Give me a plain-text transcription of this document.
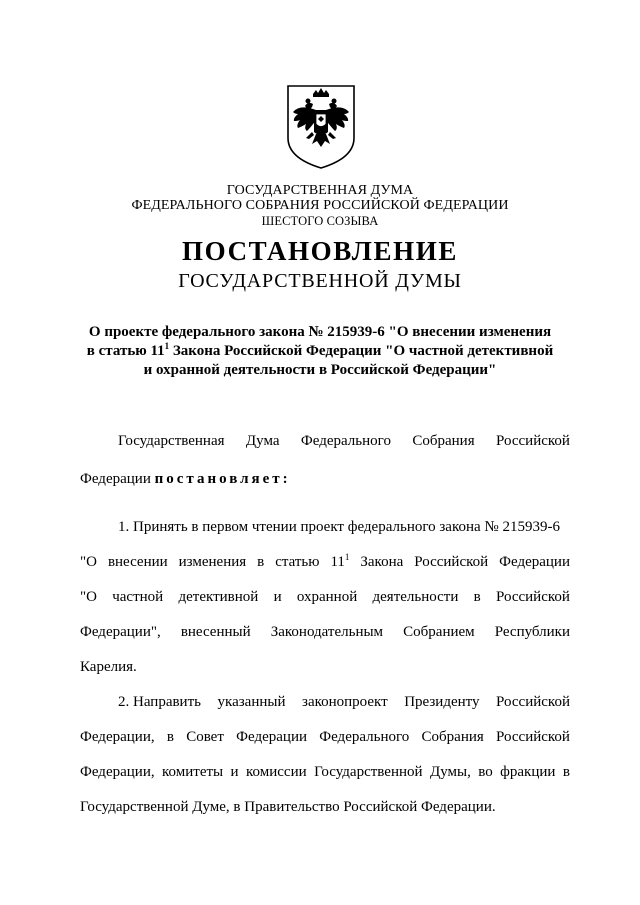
ГОСУДАРСТВЕННАЯ ДУМА
ФЕДЕРАЛЬНОГО СОБРАНИЯ РОССИЙСКОЙ ФЕДЕРАЦИИ
ШЕСТОГО СОЗЫВА
ПОСТАНОВЛЕНИЕ
ГОСУДАРСТВЕННОЙ ДУМЫ
О проекте федерального закона № 215939-6 "О внесении изменения
в статью $11^1$ Закона Российской Федерации "О частной детективной
и охранной деятельности в Российской Федерации"
Государственная Дума Федерального Собрания Российской
Федерации постановляет:
1. Принять в первом чтении проект федерального закона № 215939-6
"О внесении изменения в статью $11^1$ Закона Российской Федерации
"О частной детективной и охранной деятельности в Российской
Федерации", внесенный Законодательным Собранием Республики
Карелия.
2. Направить указанный законопроект Президенту Российской
Федерации, в Совет Федерации Федерального Собрания Российской
Федерации, комитеты и комиссии Государственной Думы, во фракции в
Государственной Думе, в Правительство Российской Федерации.
